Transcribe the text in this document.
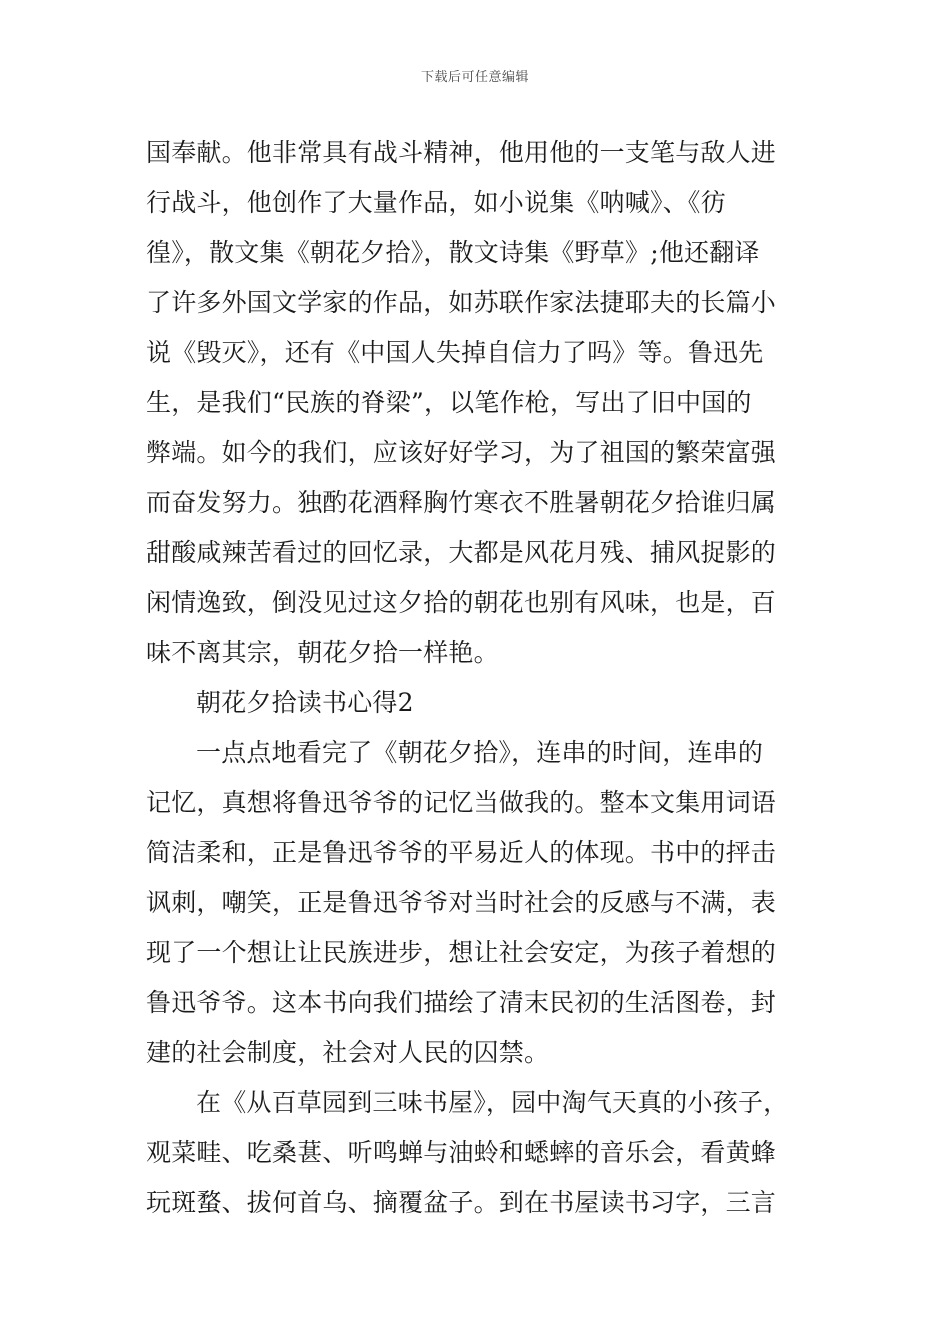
下载后可任意编辑
国奉献。他非常具有战斗精神，他用他的一支笔与敌人进
行战斗，他创作了大量作品，如小说集《呐喊》、《彷
徨》，散文集《朝花夕拾》，散文诗集《野草》;他还翻译
了许多外国文学家的作品，如苏联作家法捷耶夫的长篇小
说《毁灭》，还有《中国人失掉自信力了吗》等。鲁迅先
生，是我们“民族的脊梁”，以笔作枪，写出了旧中国的
弊端。如今的我们，应该好好学习，为了祖国的繁荣富强
而奋发努力。独酌花酒释胸竹寒衣不胜暑朝花夕拾谁归属
甜酸咸辣苦看过的回忆录，大都是风花月残、捕风捉影的
闲情逸致，倒没见过这夕拾的朝花也别有风味，也是，百
味不离其宗，朝花夕拾一样艳。
朝花夕拾读书心得2
一点点地看完了《朝花夕拾》，连串的时间，连串的
记忆，真想将鲁迅爷爷的记忆当做我的。整本文集用词语
简洁柔和，正是鲁迅爷爷的平易近人的体现。书中的抨击
讽刺，嘲笑，正是鲁迅爷爷对当时社会的反感与不满，表
现了一个想让让民族进步，想让社会安定，为孩子着想的
鲁迅爷爷。这本书向我们描绘了清末民初的生活图卷，封
建的社会制度，社会对人民的囚禁。
在《从百草园到三味书屋》，园中淘气天真的小孩子，
观菜畦、吃桑葚、听鸣蝉与油蛉和蟋蟀的音乐会，看黄蜂
玩斑蝥、拔何首乌、摘覆盆子。到在书屋读书习字，三言
